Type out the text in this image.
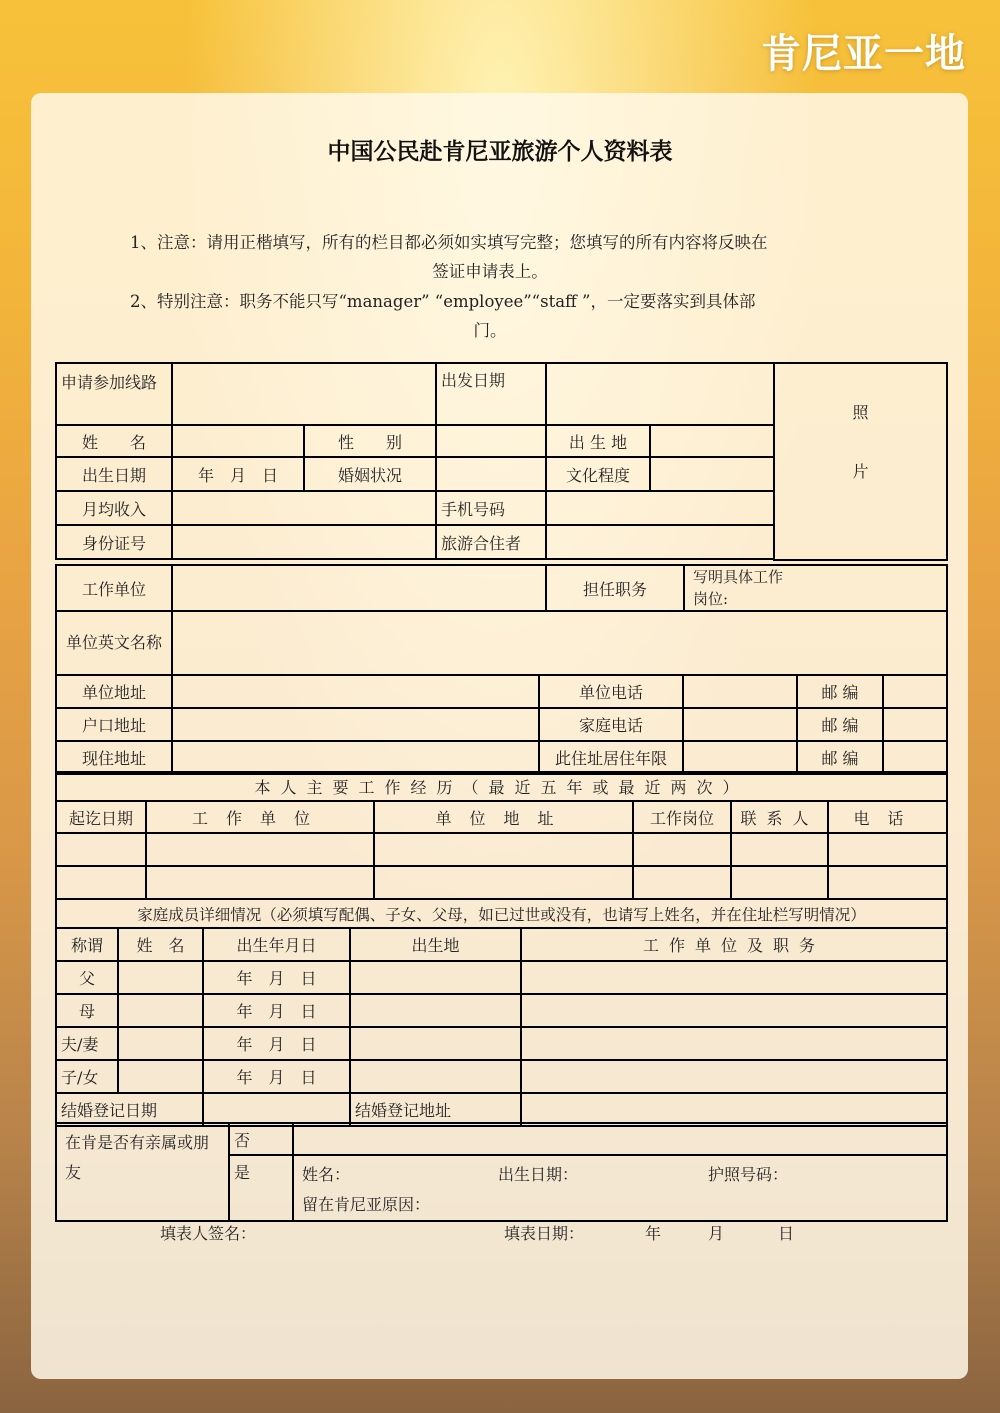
肯尼亚一地
中国公民赴肯尼亚旅游个人资料表
1、注意：请用正楷填写，所有的栏目都必须如实填写完整；您填写的所有内容将反映在
签证申请表上。
2、特别注意：职务不能只写“manager” “employee”“staff ”，一定要落实到具体部
门。
申请参加线路			出发日期			照
片

姓　　名		性　　别		出 生 地		
出生日期	年　月　日	婚姻状况		文化程度		
月均收入			手机号码			
身份证号			旅游合住者			

工作单位		担任职务	写明具体工作岗位:

单位英文名称			
单位地址		单位电话		邮 编	
户口地址		家庭电话		邮 编	
现住地址		此住址居住年限		邮 编	
本人主要工作经历（最近五年或最近两次）					
起讫日期	工作单位	单位地址	工作岗位	联系人	电话

家庭成员详细情况（必须填写配偶、子女、父母，如已过世或没有，也请写上姓名，并在住址栏写明情况）				
称谓	姓　名	出生年月日	出生地	工作单位及职务
父		年　月　日		
母		年　月　日		
夫/妻		年　月　日		
子/女		年　月　日		
结婚登记日期			结婚登记地址	
在肯是否有亲属或朋友	否	
	是	姓名： 出生日期： 护照号码：
留在肯尼亚原因：
填表人签名：	填表日期：	年	月	日
